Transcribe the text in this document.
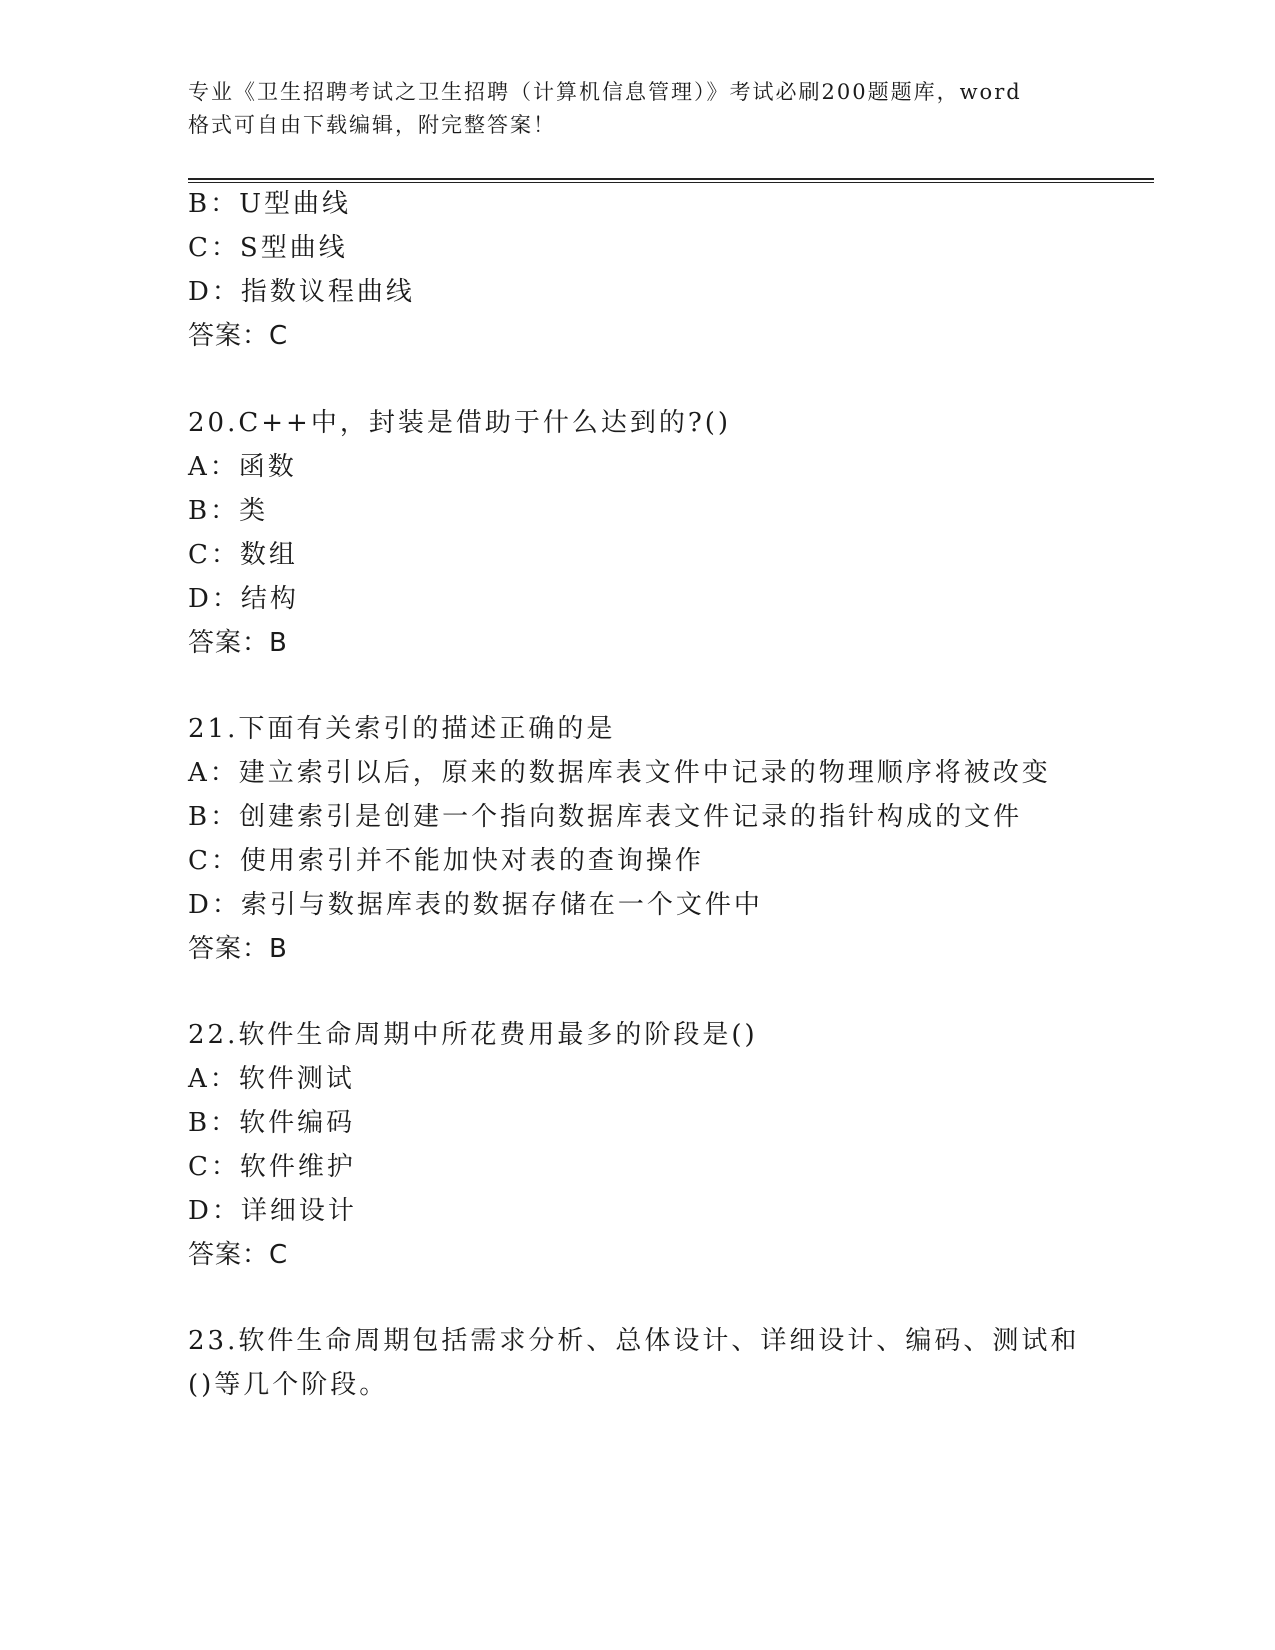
专业《卫生招聘考试之卫生招聘（计算机信息管理）》考试必刷200题题库，word
格式可自由下载编辑，附完整答案！
B：U型曲线
C：S型曲线
D：指数议程曲线
答案：C
20.C++中，封装是借助于什么达到的?()
A：函数
B：类
C：数组
D：结构
答案：B
21.下面有关索引的描述正确的是
A：建立索引以后，原来的数据库表文件中记录的物理顺序将被改变
B：创建索引是创建一个指向数据库表文件记录的指针构成的文件
C：使用索引并不能加快对表的查询操作
D：索引与数据库表的数据存储在一个文件中
答案：B
22.软件生命周期中所花费用最多的阶段是()
A：软件测试
B：软件编码
C：软件维护
D：详细设计
答案：C
23.软件生命周期包括需求分析、总体设计、详细设计、编码、测试和
()等几个阶段。
